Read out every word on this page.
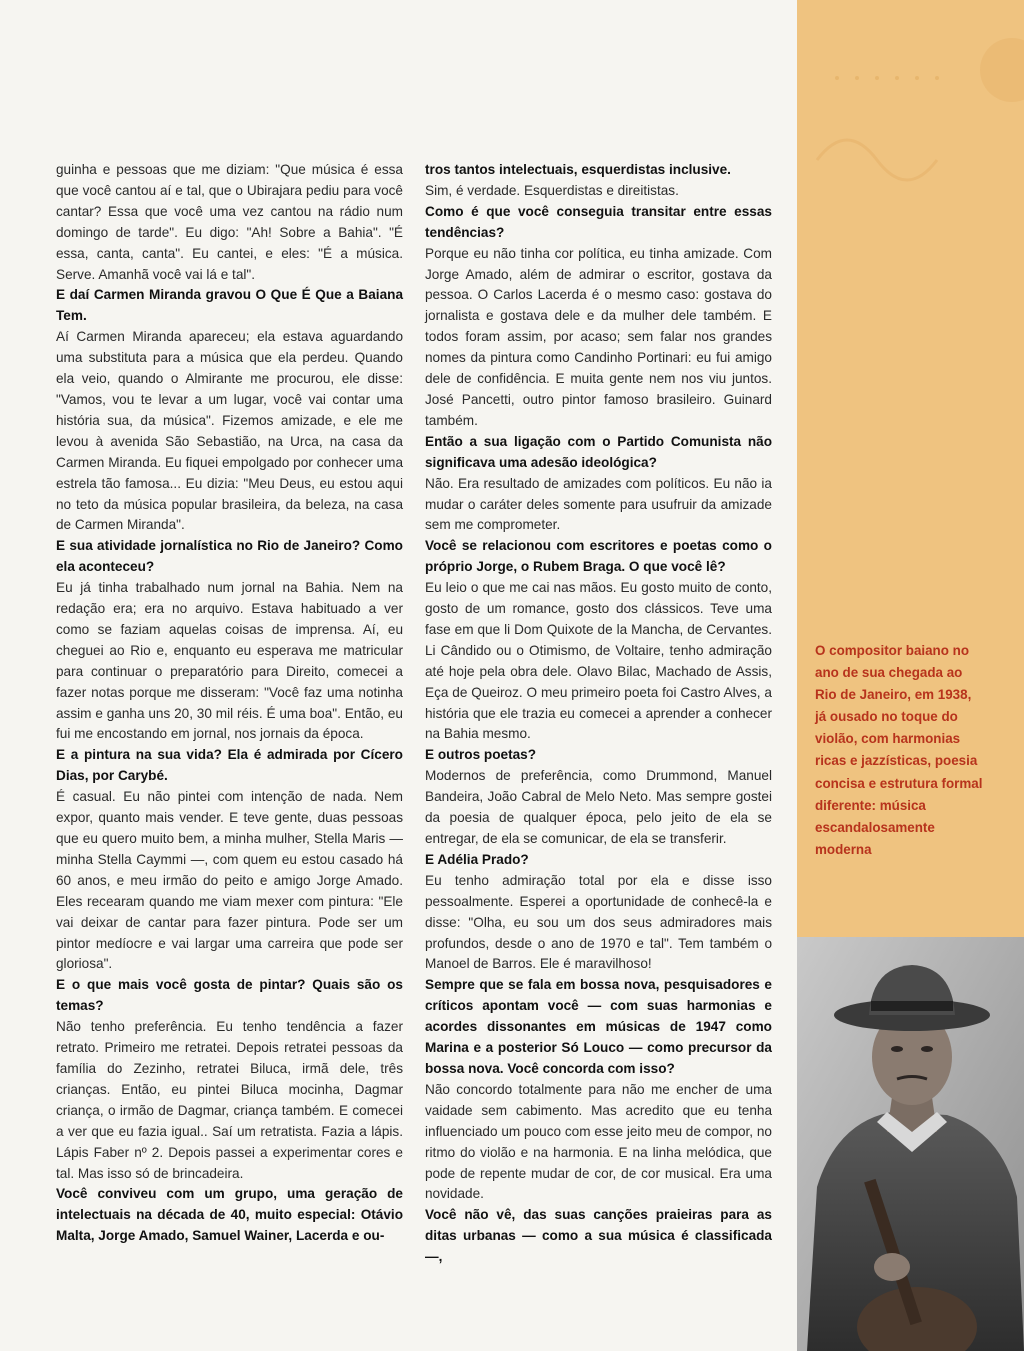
guinha e pessoas que me diziam: "Que música é essa que você cantou aí e tal, que o Ubirajara pediu para você cantar? Essa que você uma vez cantou na rádio num domingo de tarde". Eu digo: "Ah! Sobre a Bahia". "É essa, canta, canta". Eu cantei, e eles: "É a música. Serve. Amanhã você vai lá e tal".

E daí Carmen Miranda gravou O Que É Que a Baiana Tem.

Aí Carmen Miranda apareceu; ela estava aguardando uma substituta para a música que ela perdeu. Quando ela veio, quando o Almirante me procurou, ele disse: "Vamos, vou te levar a um lugar, você vai contar uma história sua, da música". Fizemos amizade, e ele me levou à avenida São Sebastião, na Urca, na casa da Carmen Miranda. Eu fiquei empolgado por conhecer uma estrela tão famosa... Eu dizia: "Meu Deus, eu estou aqui no teto da música popular brasileira, da beleza, na casa de Carmen Miranda".

E sua atividade jornalística no Rio de Janeiro? Como ela aconteceu?

Eu já tinha trabalhado num jornal na Bahia. Nem na redação era; era no arquivo. Estava habituado a ver como se faziam aquelas coisas de imprensa. Aí, eu cheguei ao Rio e, enquanto eu esperava me matricular para continuar o preparatório para Direito, comecei a fazer notas porque me disseram: "Você faz uma notinha assim e ganha uns 20, 30 mil réis. É uma boa". Então, eu fui me encostando em jornal, nos jornais da época.

E a pintura na sua vida? Ela é admirada por Cícero Dias, por Carybé.

É casual. Eu não pintei com intenção de nada. Nem expor, quanto mais vender. E teve gente, duas pessoas que eu quero muito bem, a minha mulher, Stella Maris — minha Stella Caymmi —, com quem eu estou casado há 60 anos, e meu irmão do peito e amigo Jorge Amado. Eles recearam quando me viam mexer com pintura: "Ele vai deixar de cantar para fazer pintura. Pode ser um pintor medíocre e vai largar uma carreira que pode ser gloriosa".

E o que mais você gosta de pintar? Quais são os temas?

Não tenho preferência. Eu tenho tendência a fazer retrato. Primeiro me retratei. Depois retratei pessoas da família do Zezinho, retratei Biluca, irmã dele, três crianças. Então, eu pintei Biluca mocinha, Dagmar criança, o irmão de Dagmar, criança também. E comecei a ver que eu fazia igual.. Saí um retratista. Fazia a lápis. Lápis Faber nº 2. Depois passei a experimentar cores e tal. Mas isso só de brincadeira.

Você conviveu com um grupo, uma geração de intelectuais na década de 40, muito especial: Otávio Malta, Jorge Amado, Samuel Wainer, Lacerda e ou-

tros tantos intelectuais, esquerdistas inclusive.

Sim, é verdade. Esquerdistas e direitistas.

Como é que você conseguia transitar entre essas tendências?

Porque eu não tinha cor política, eu tinha amizade. Com Jorge Amado, além de admirar o escritor, gostava da pessoa. O Carlos Lacerda é o mesmo caso: gostava do jornalista e gostava dele e da mulher dele também. E todos foram assim, por acaso; sem falar nos grandes nomes da pintura como Candinho Portinari: eu fui amigo dele de confidência. E muita gente nem nos viu juntos. José Pancetti, outro pintor famoso brasileiro. Guinard também.

Então a sua ligação com o Partido Comunista não significava uma adesão ideológica?

Não. Era resultado de amizades com políticos. Eu não ia mudar o caráter deles somente para usufruir da amizade sem me comprometer.

Você se relacionou com escritores e poetas como o próprio Jorge, o Rubem Braga. O que você lê?

Eu leio o que me cai nas mãos. Eu gosto muito de conto, gosto de um romance, gosto dos clássicos. Teve uma fase em que li Dom Quixote de la Mancha, de Cervantes. Li Cândido ou o Otimismo, de Voltaire, tenho admiração até hoje pela obra dele. Olavo Bilac, Machado de Assis, Eça de Queiroz. O meu primeiro poeta foi Castro Alves, a história que ele trazia eu comecei a aprender a conhecer na Bahia mesmo.

E outros poetas?

Modernos de preferência, como Drummond, Manuel Bandeira, João Cabral de Melo Neto. Mas sempre gostei da poesia de qualquer época, pelo jeito de ela se entregar, de ela se comunicar, de ela se transferir.

E Adélia Prado?

Eu tenho admiração total por ela e disse isso pessoalmente. Esperei a oportunidade de conhecê-la e disse: "Olha, eu sou um dos seus admiradores mais profundos, desde o ano de 1970 e tal". Tem também o Manoel de Barros. Ele é maravilhoso!

Sempre que se fala em bossa nova, pesquisadores e críticos apontam você — com suas harmonias e acordes dissonantes em músicas de 1947 como Marina e a posterior Só Louco — como precursor da bossa nova. Você concorda com isso?

Não concordo totalmente para não me encher de uma vaidade sem cabimento. Mas acredito que eu tenha influenciado um pouco com esse jeito meu de compor, no ritmo do violão e na harmonia. E na linha melódica, que pode de repente mudar de cor, de cor musical. Era uma novidade.

Você não vê, das suas canções praieiras para as ditas urbanas — como a sua música é classificada —,

O compositor baiano no ano de sua chegada ao Rio de Janeiro, em 1938, já ousado no toque do violão, com harmonias ricas e jazzísticas, poesia concisa e estrutura formal diferente: música escandalosamente moderna
